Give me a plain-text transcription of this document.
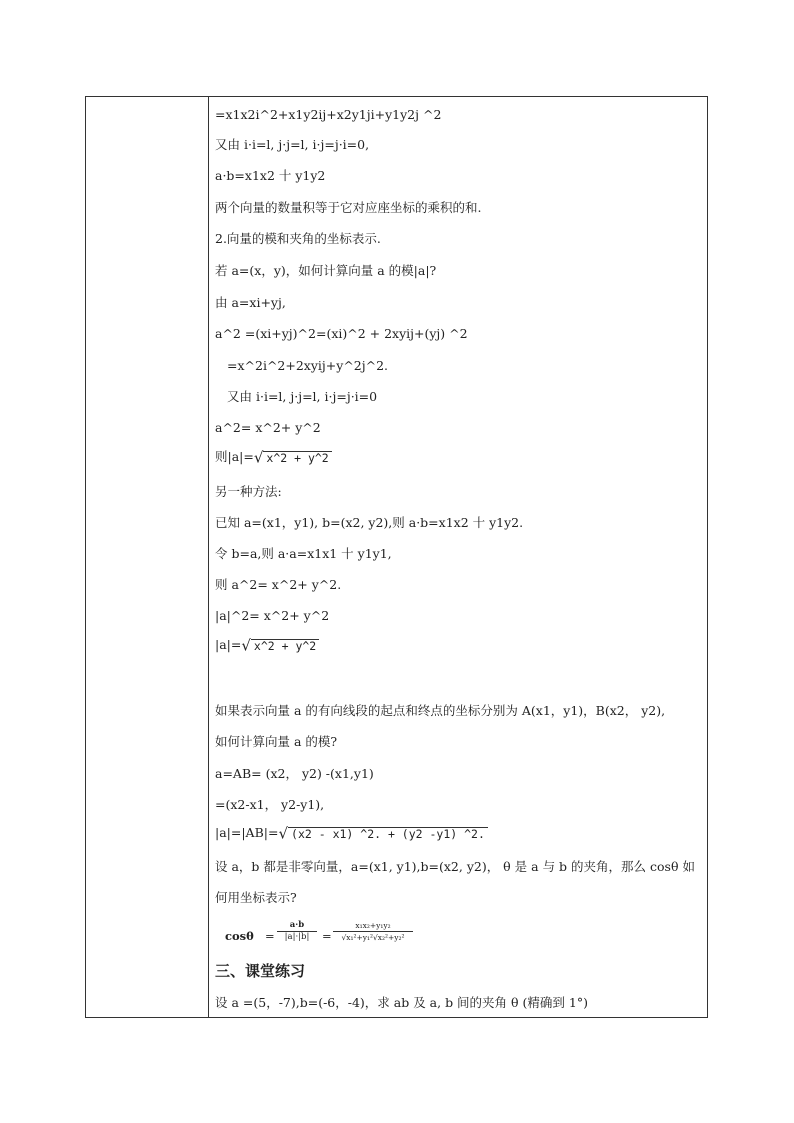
=x1x2i^2+x1y2ij+x2y1ji+y1y2j ^2
又由 i·i=l, j·j=l, i·j=j·i=0,
a·b=x1x2 十 y1y2
两个向量的数量积等于它对应座坐标的乘积的和.
2.向量的模和夹角的坐标表示.
若 a=(x，y)，如何计算向量 a 的模|a|?
由 a=xi+yj,
a^2 =(xi+yj)^2=(xi)^2 + 2xyij+(yj) ^2
=x^2i^2+2xyij+y^2j^2.
又由 i·i=l, j·j=l, i·j=j·i=0
a^2= x^2+ y^2
则|a|=√ x^2 + y^2
另一种方法:
已知 a=(x1，y1), b=(x2, y2),则 a·b=x1x2 十 y1y2.
令 b=a,则 a·a=x1x1 十 y1y1,
则 a^2= x^2+ y^2.
|a|^2= x^2+ y^2
|a|=√ x^2 + y^2
如果表示向量 a 的有向线段的起点和终点的坐标分别为 A(x1，y1)，B(x2， y2),
如何计算向量 a 的模?
a=AB= (x2， y2) -(x1,y1)
=(x2-x1， y2-y1),
|a|=|AB|=√ (x2 - x1) ^2. + (y2 -y1) ^2.
设 a，b 都是非零向量，a=(x1, y1),b=(x2, y2)， θ 是 a 与 b 的夹角，那么 cosθ 如
何用坐标表示?
cosθ =
a·b
|a|·|b|	=
x₁x₂+y₁y₂
√x₁²+y₁²√x₂²+y₂²
三、课堂练习
设 a =(5，-7),b=(-6，-4)，求 ab 及 a, b 间的夹角 θ (精确到 1°)
